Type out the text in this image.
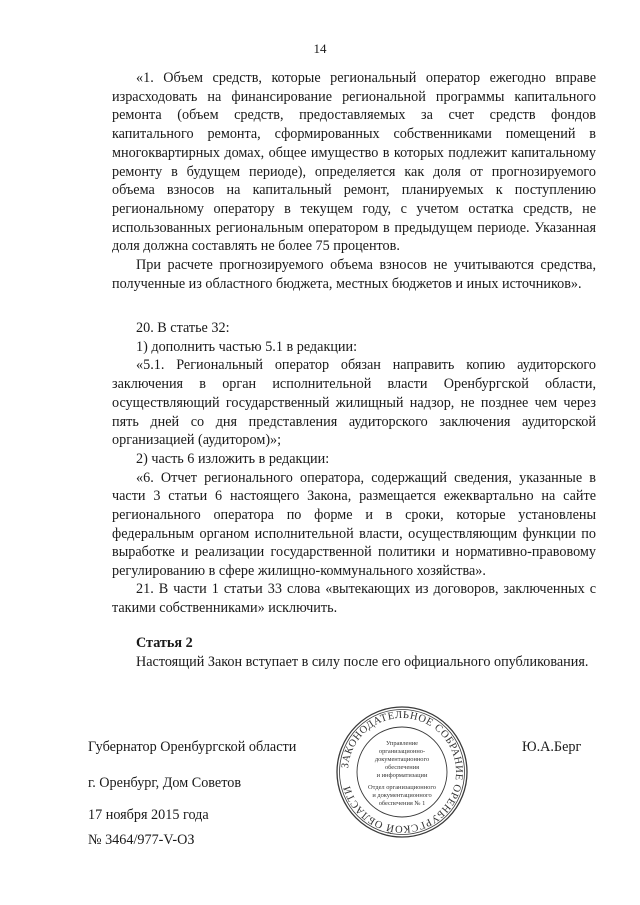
14

«1. Объем средств, которые региональный оператор ежегодно вправе израсходовать на финансирование региональной программы капитального ремонта (объем средств, предоставляемых за счет средств фондов капитального ремонта, сформированных собственниками помещений в многоквартирных домах, общее имущество в которых подлежит капитальному ремонту в будущем периоде), определяется как доля от прогнозируемого объема взносов на капитальный ремонт, планируемых к поступлению региональному оператору в текущем году, с учетом остатка средств, не использованных региональным оператором в предыдущем периоде. Указанная доля должна составлять не более 75 процентов.

При расчете прогнозируемого объема взносов не учитываются средства, полученные из областного бюджета, местных бюджетов и иных источников».

20. В статье 32:

1) дополнить частью 5.1 в редакции:

«5.1. Региональный оператор обязан направить копию аудиторского заключения в орган исполнительной власти Оренбургской области, осуществляющий государственный жилищный надзор, не позднее чем через пять дней со дня представления аудиторского заключения аудиторской организацией (аудитором)»;

2) часть 6 изложить в редакции:

«6. Отчет регионального оператора, содержащий сведения, указанные в части 3 статьи 6 настоящего Закона, размещается ежеквартально на сайте регионального оператора по форме и в сроки, которые установлены федеральным органом исполнительной власти, осуществляющим функции по выработке и реализации государственной политики и нормативно-правовому регулированию в сфере жилищно-коммунального хозяйства».

21. В части 1 статьи 33 слова «вытекающих из договоров, заключенных с такими собственниками» исключить.

Статья 2

Настоящий Закон вступает в силу после его официального опубликования.

Губернатор Оренбургской области	Ю.А.Берг
г. Оренбург, Дом Советов
17 ноября 2015 года
№ 3464/977-V-ОЗ
ЗАКОНОДАТЕЛЬНОЕ СОБРАНИЕ ОРЕНБУРГСКОЙ ОБЛАСТИ
Управление
организационно-
документационного
обеспечения
и информатизации
Отдел организационного
и документационного
обеспечения № 1
